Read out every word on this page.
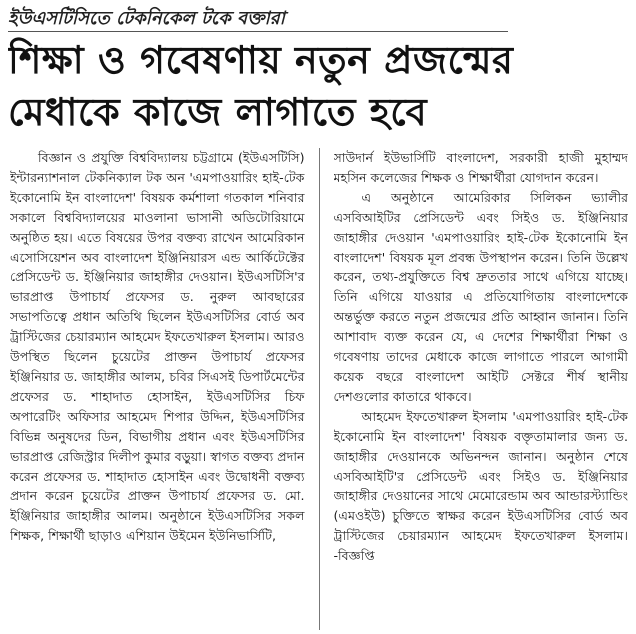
ইউএসটিসিতে টেকনিকেল টকে বক্তারা
শিক্ষা ও গবেষণায় নতুন প্রজন্মের
মেধাকে কাজে লাগাতে হবে

বিজ্ঞান ও প্রযুক্তি বিশ্ববিদ্যালয় চট্টগ্রামে (ইউএসটিসি) ইন্টারন্যাশনাল টেকনিক্যাল টক অন 'এমপাওয়ারিং হাই-টেক ইকোনোমি ইন বাংলাদেশ' বিষয়ক কর্মশালা গতকাল শনিবার সকালে বিশ্ববিদ্যালয়ের মাওলানা ভাসানী অডিটোরিয়ামে অনুষ্ঠিত হয়। এতে বিষয়ের উপর বক্তব্য রাখেন আমেরিকান এসোসিয়েশন অব বাংলাদেশ ইঞ্জিনিয়ারস এন্ড আর্কিটেক্টের প্রেসিডেন্ট ড. ইঞ্জিনিয়ার জাহাঙ্গীর দেওয়ান। ইউএসটিসি'র ভারপ্রাপ্ত উপাচার্য প্রফেসর ড. নুরুল আবছারের সভাপতিত্বে প্রধান অতিথি ছিলেন ইউএসটিসির বোর্ড অব ট্রাস্টিজের চেয়ারম্যান আহমেদ ইফতেখারুল ইসলাম। আরও উপস্থিত ছিলেন চুয়েটের প্রাক্তন উপাচার্য প্রফেসর ইঞ্জিনিয়ার ড. জাহাঙ্গীর আলম, চবির সিএসই ডিপার্টমেন্টের প্রফেসর ড. শাহাদাত হোসাইন, ইউএসটিসির চিফ অপারেটিং অফিসার আহমেদ শিপার উদ্দিন, ইউএসটিসির বিভিন্ন অনুষদের ডিন, বিভাগীয় প্রধান এবং ইউএসটিসির ভারপ্রাপ্ত রেজিস্ট্রার দিলীপ কুমার বড়ুয়া। স্বাগত বক্তব্য প্রদান করেন প্রফেসর ড. শাহাদাত হোসাইন এবং উদ্বোধনী বক্তব্য প্রদান করেন চুয়েটের প্রাক্তন উপাচার্য প্রফেসর ড. মো. ইঞ্জিনিয়ার জাহাঙ্গীর আলম। অনুষ্ঠানে ইউএসটিসির সকল শিক্ষক, শিক্ষার্থী ছাড়াও এশিয়ান উইমেন ইউনিভার্সিটি,

সাউদার্ন ইউভার্সিটি বাংলাদেশ, সরকারী হাজী মুহাম্মদ মহসিন কলেজের শিক্ষক ও শিক্ষার্থীরা যোগদান করেন।

এ অনুষ্ঠানে আমেরিকার সিলিকন ভ্যালীর এসবিআইটির প্রেসিডেন্ট এবং সিইও ড. ইঞ্জিনিয়ার জাহাঙ্গীর দেওয়ান 'এমপাওয়ারিং হাই-টেক ইকোনোমি ইন বাংলাদেশ' বিষয়ক মূল প্রবন্ধ উপস্থাপন করেন। তিনি উল্লেখ করেন, তথ্য-প্রযুক্তিতে বিশ্ব দ্রুততার সাথে এগিয়ে যাচ্ছে। তিনি এগিয়ে যাওয়ার এ প্রতিযোগিতায় বাংলাদেশকে অন্তর্ভুক্ত করতে নতুন প্রজন্মের প্রতি আহ্বান জানান। তিনি আশাবাদ ব্যক্ত করেন যে, এ দেশের শিক্ষার্থীরা শিক্ষা ও গবেষণায় তাদের মেধাকে কাজে লাগাতে পারলে আগামী কয়েক বছরে বাংলাদেশ আইটি সেক্টরে শীর্ষ স্থানীয় দেশগুলোর কাতারে থাকবে।

আহমেদ ইফতেখারুল ইসলাম 'এমপাওয়ারিং হাই-টেক ইকোনোমি ইন বাংলাদেশ' বিষয়ক বক্তৃতামালার জন্য ড. জাহাঙ্গীর দেওয়ানকে অভিনন্দন জানান। অনুষ্ঠান শেষে এসবিআইটি'র প্রেসিডেন্ট এবং সিইও ড. ইঞ্জিনিয়ার জাহাঙ্গীর দেওয়ানের সাথে মেমোরেন্ডাম অব আন্ডারস্ট্যান্ডিং (এমওইউ) চুক্তিতে স্বাক্ষর করেন ইউএসটিসির বোর্ড অব ট্রাস্টিজের চেয়ারম্যান আহমেদ ইফতেখারুল ইসলাম। -বিজ্ঞপ্তি
